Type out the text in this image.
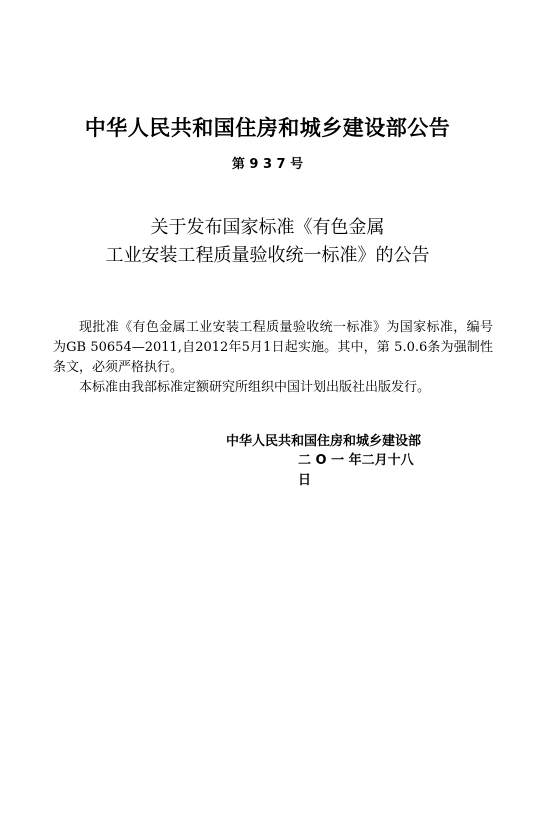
中华人民共和国住房和城乡建设部公告
第 9 3 7 号
关于发布国家标准《有色金属
工业安装工程质量验收统一标准》的公告

现批准《有色金属工业安装工程质量验收统一标准》为国家标准，编号为GB 50654—2011,自2012年5月1日起实施。其中，第 5.0.6条为强制性条文，必须严格执行。

本标准由我部标准定额研究所组织中国计划出版社出版发行。

中华人民共和国住房和城乡建设部
二 O 一 年二月十八
日
